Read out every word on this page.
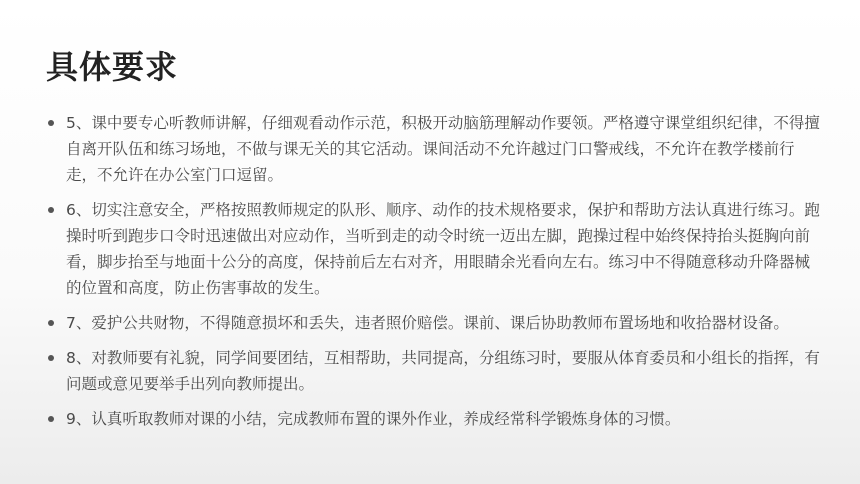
具体要求
5、课中要专心听教师讲解，仔细观看动作示范，积极开动脑筋理解动作要领。严格遵守课堂组织纪律，不得擅自离开队伍和练习场地，不做与课无关的其它活动。课间活动不允许越过门口警戒线，不允许在教学楼前行走，不允许在办公室门口逗留。
6、切实注意安全，严格按照教师规定的队形、顺序、动作的技术规格要求，保护和帮助方法认真进行练习。跑操时听到跑步口令时迅速做出对应动作，当听到走的动令时统一迈出左脚，跑操过程中始终保持抬头挺胸向前看，脚步抬至与地面十公分的高度，保持前后左右对齐，用眼睛余光看向左右。练习中不得随意移动升降器械的位置和高度，防止伤害事故的发生。
7、爱护公共财物，不得随意损坏和丢失，违者照价赔偿。课前、课后协助教师布置场地和收拾器材设备。
8、对教师要有礼貌，同学间要团结，互相帮助，共同提高，分组练习时，要服从体育委员和小组长的指挥，有问题或意见要举手出列向教师提出。
9、认真听取教师对课的小结，完成教师布置的课外作业，养成经常科学锻炼身体的习惯。
